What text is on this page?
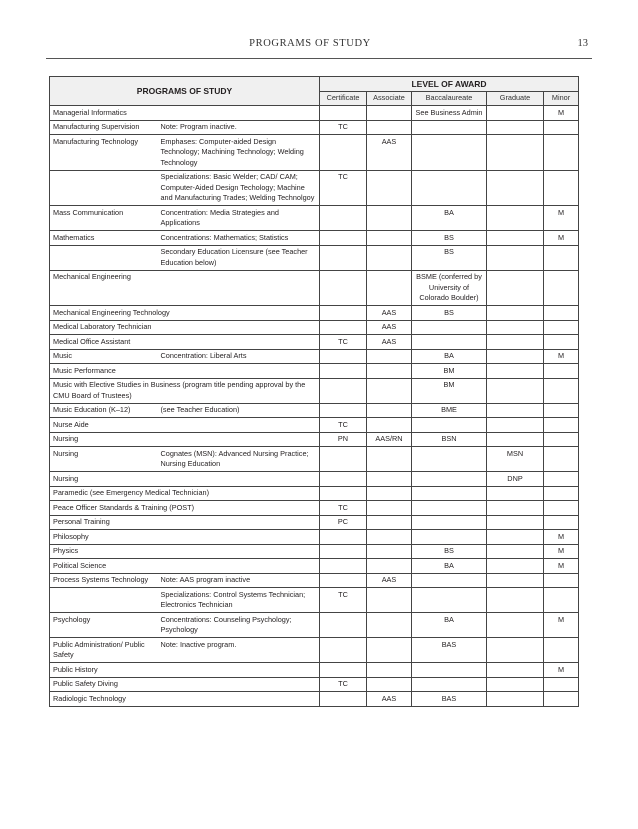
PROGRAMS OF STUDY	13
PROGRAMS OF STUDY		LEVEL OF AWARD				
		Certificate	Associate	Baccalaureate	Graduate	Minor
Managerial Informatics				See Business Admin		M
Manufacturing Supervision	Note: Program inactive.	TC				
Manufacturing Technology	Emphases: Computer-aided Design Technology; Machining Technology; Welding Technology		AAS			
	Specializations: Basic Welder; CAD/ CAM; Computer-Aided Design Techology; Machine and Manufacturing Trades; Welding Technolgoy	TC				
Mass Communication	Concentration: Media Strategies and Applications			BA		M
Mathematics	Concentrations: Mathematics; Statistics			BS		M
	Secondary Education Licensure (see Teacher Education below)			BS		
Mechanical Engineering				BSME (conferred by University of Colorado Boulder)		
Mechanical Engineering Technology			AAS	BS		
Medical Laboratory Technician			AAS			
Medical Office Assistant		TC	AAS			
Music	Concentration: Liberal Arts			BA		M
Music Performance				BM		
Music with Elective Studies in Business (program title pending approval by the CMU Board of Trustees)				BM		
Music Education (K–12)	(see Teacher Education)			BME		
Nurse Aide		TC				
Nursing		PN	AAS/RN	BSN		
Nursing	Cognates (MSN): Advanced Nursing Practice; Nursing Education				MSN	
Nursing					DNP	
Paramedic (see Emergency Medical Technician)						
Peace Officer Standards & Training (POST)		TC				
Personal Training		PC				
Philosophy						M
Physics				BS		M
Political Science				BA		M
Process Systems Technology	Note: AAS program inactive		AAS			
	Specializations: Control Systems Technician; Electronics Technician	TC				
Psychology	Concentrations: Counseling Psychology; Psychology			BA		M
Public Administration/ Public Safety	Note: Inactive program.			BAS		
Public History						M
Public Safety Diving		TC				
Radiologic Technology			AAS	BAS		
